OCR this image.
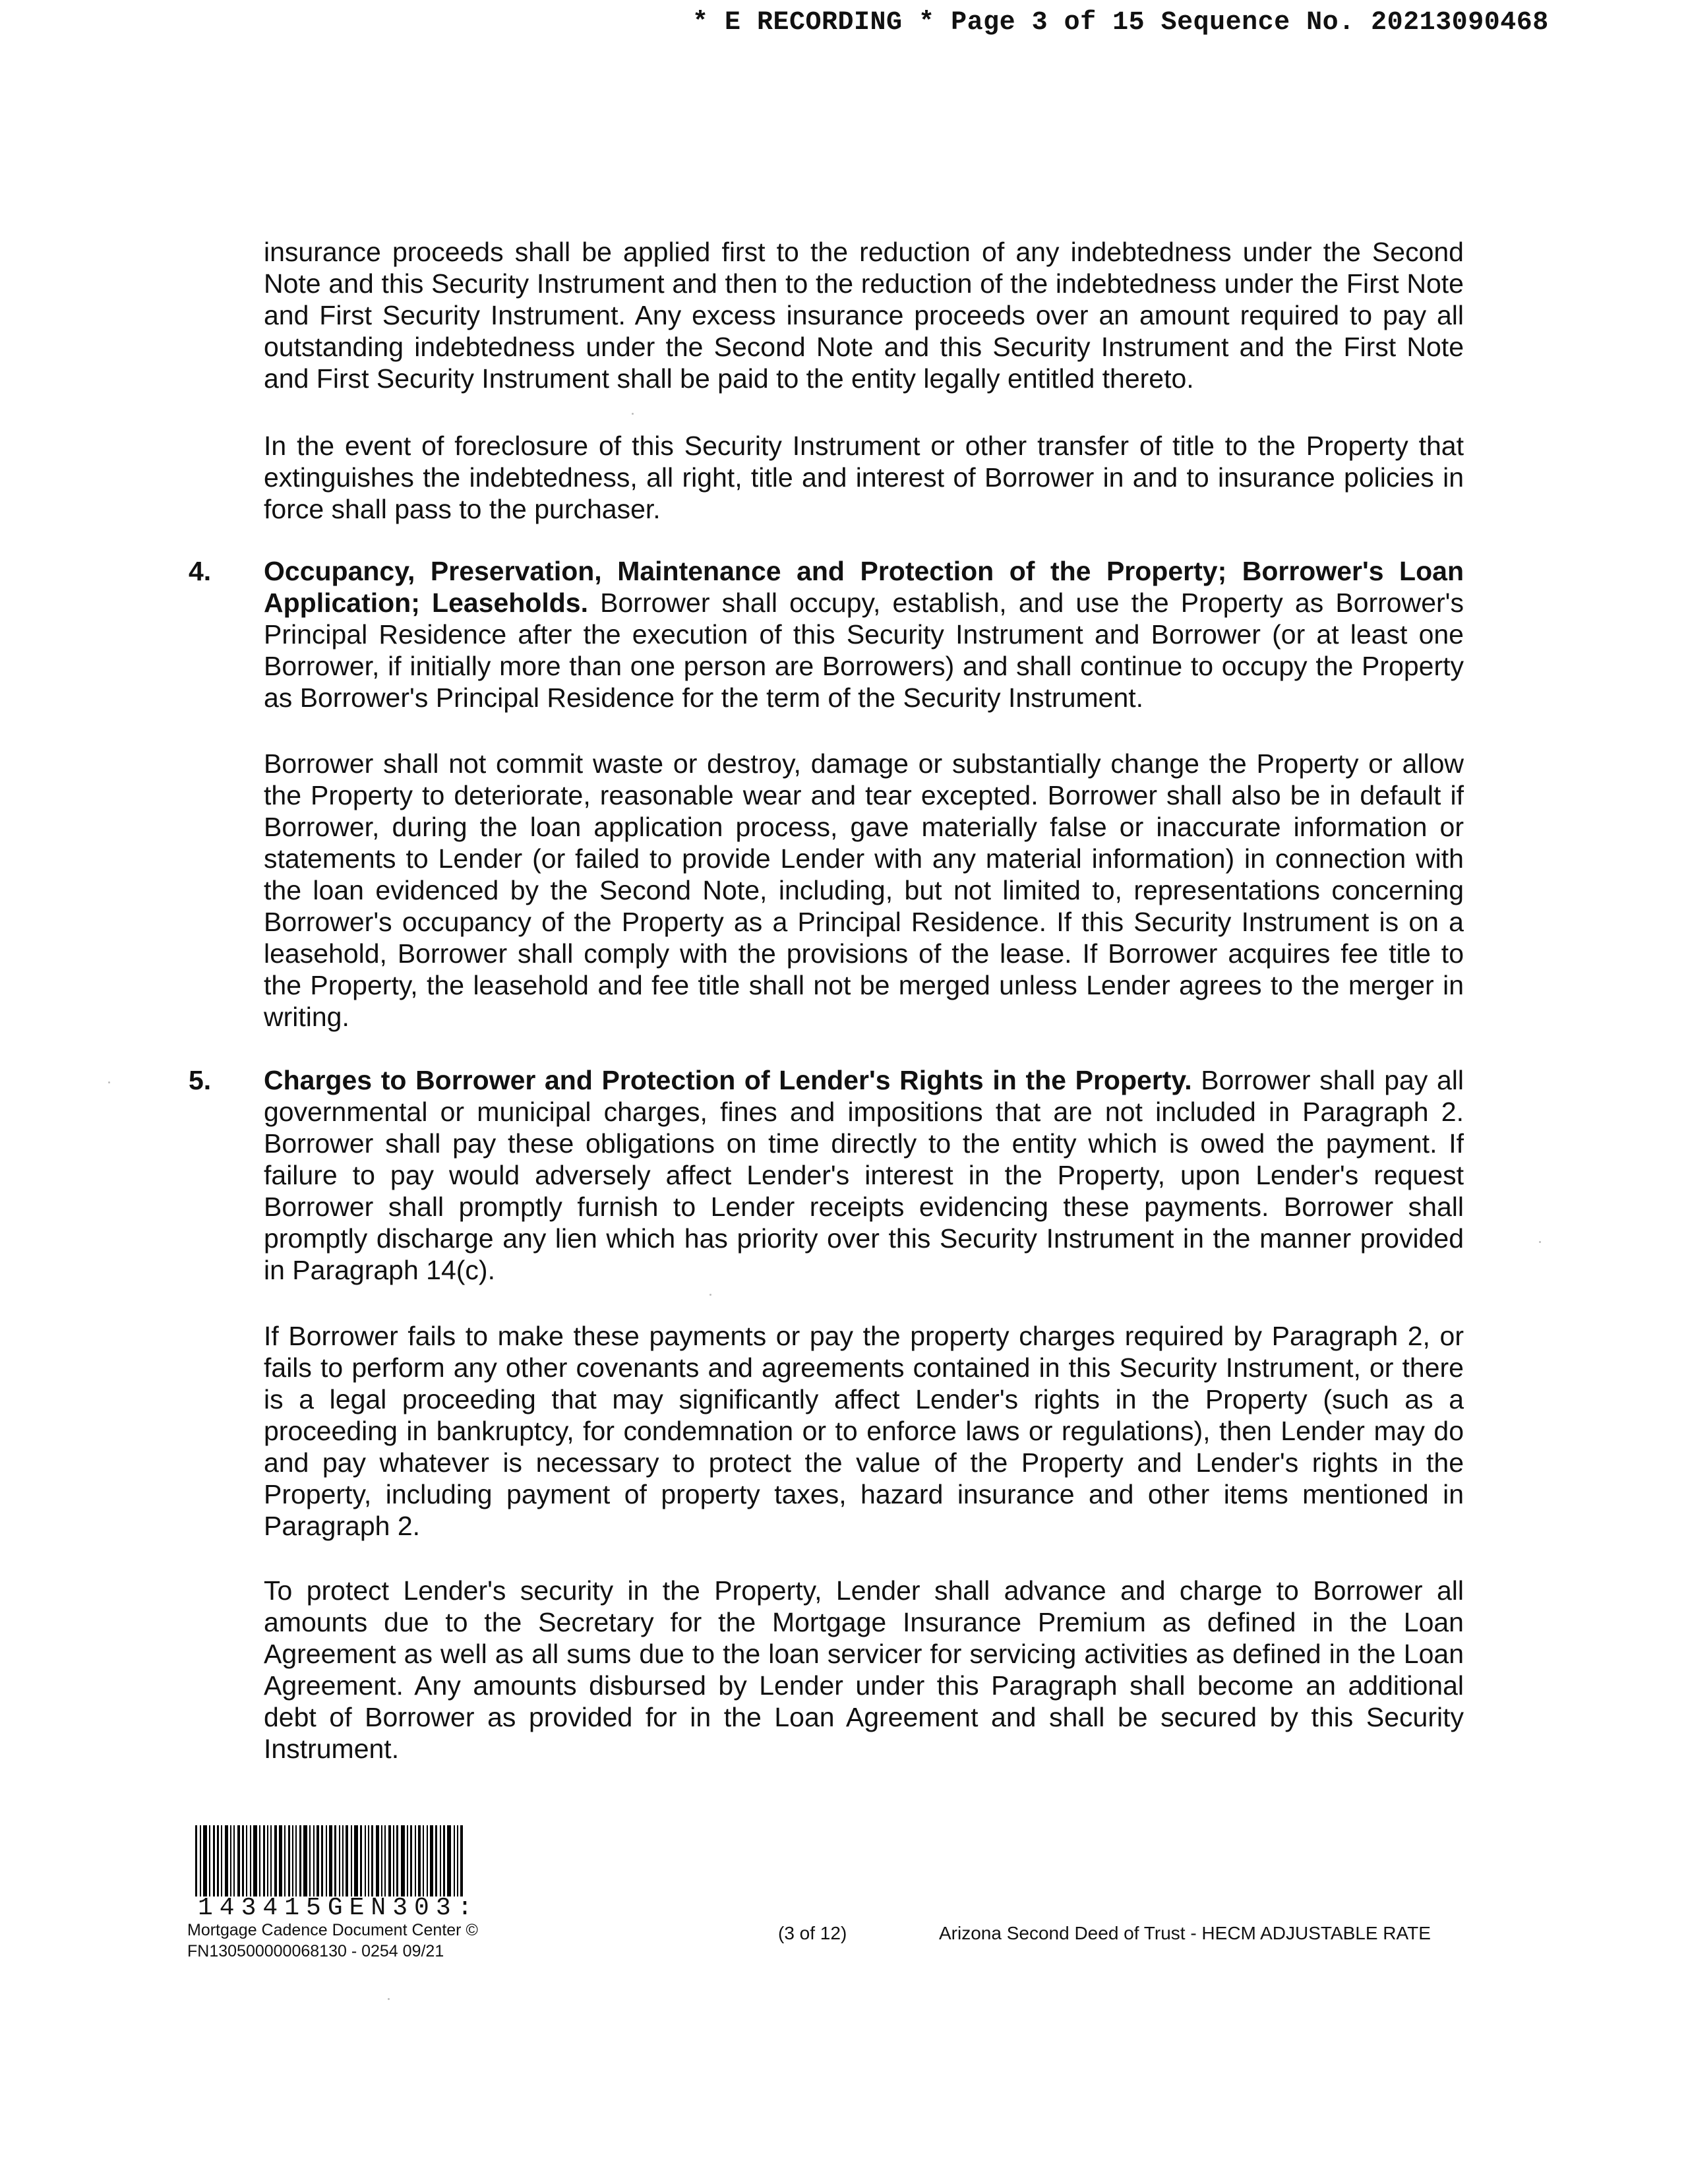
* E RECORDING * Page 3 of 15 Sequence No. 20213090468

insurance proceeds shall be applied first to the reduction of any indebtedness under the Second Note and this Security Instrument and then to the reduction of the indebtedness under the First Note and First Security Instrument. Any excess insurance proceeds over an amount required to pay all outstanding indebtedness under the Second Note and this Security Instrument and the First Note and First Security Instrument shall be paid to the entity legally entitled thereto.

In the event of foreclosure of this Security Instrument or other transfer of title to the Property that extinguishes the indebtedness, all right, title and interest of Borrower in and to insurance policies in force shall pass to the purchaser.

4. Occupancy, Preservation, Maintenance and Protection of the Property; Borrower's Loan Application; Leaseholds. Borrower shall occupy, establish, and use the Property as Borrower's Principal Residence after the execution of this Security Instrument and Borrower (or at least one Borrower, if initially more than one person are Borrowers) and shall continue to occupy the Property as Borrower's Principal Residence for the term of the Security Instrument.

Borrower shall not commit waste or destroy, damage or substantially change the Property or allow the Property to deteriorate, reasonable wear and tear excepted. Borrower shall also be in default if Borrower, during the loan application process, gave materially false or inaccurate information or statements to Lender (or failed to provide Lender with any material information) in connection with the loan evidenced by the Second Note, including, but not limited to, representations concerning Borrower's occupancy of the Property as a Principal Residence. If this Security Instrument is on a leasehold, Borrower shall comply with the provisions of the lease. If Borrower acquires fee title to the Property, the leasehold and fee title shall not be merged unless Lender agrees to the merger in writing.

5. Charges to Borrower and Protection of Lender's Rights in the Property. Borrower shall pay all governmental or municipal charges, fines and impositions that are not included in Paragraph 2. Borrower shall pay these obligations on time directly to the entity which is owed the payment. If failure to pay would adversely affect Lender's interest in the Property, upon Lender's request Borrower shall promptly furnish to Lender receipts evidencing these payments. Borrower shall promptly discharge any lien which has priority over this Security Instrument in the manner provided in Paragraph 14(c).

If Borrower fails to make these payments or pay the property charges required by Paragraph 2, or fails to perform any other covenants and agreements contained in this Security Instrument, or there is a legal proceeding that may significantly affect Lender's rights in the Property (such as a proceeding in bankruptcy, for condemnation or to enforce laws or regulations), then Lender may do and pay whatever is necessary to protect the value of the Property and Lender's rights in the Property, including payment of property taxes, hazard insurance and other items mentioned in Paragraph 2.

To protect Lender's security in the Property, Lender shall advance and charge to Borrower all amounts due to the Secretary for the Mortgage Insurance Premium as defined in the Loan Agreement as well as all sums due to the loan servicer for servicing activities as defined in the Loan Agreement. Any amounts disbursed by Lender under this Paragraph shall become an additional debt of Borrower as provided for in the Loan Agreement and shall be secured by this Security Instrument.

143415GEN303:
Mortgage Cadence Document Center ©
FN130500000068130 - 0254 09/21
(3 of 12)	Arizona Second Deed of Trust - HECM ADJUSTABLE RATE
